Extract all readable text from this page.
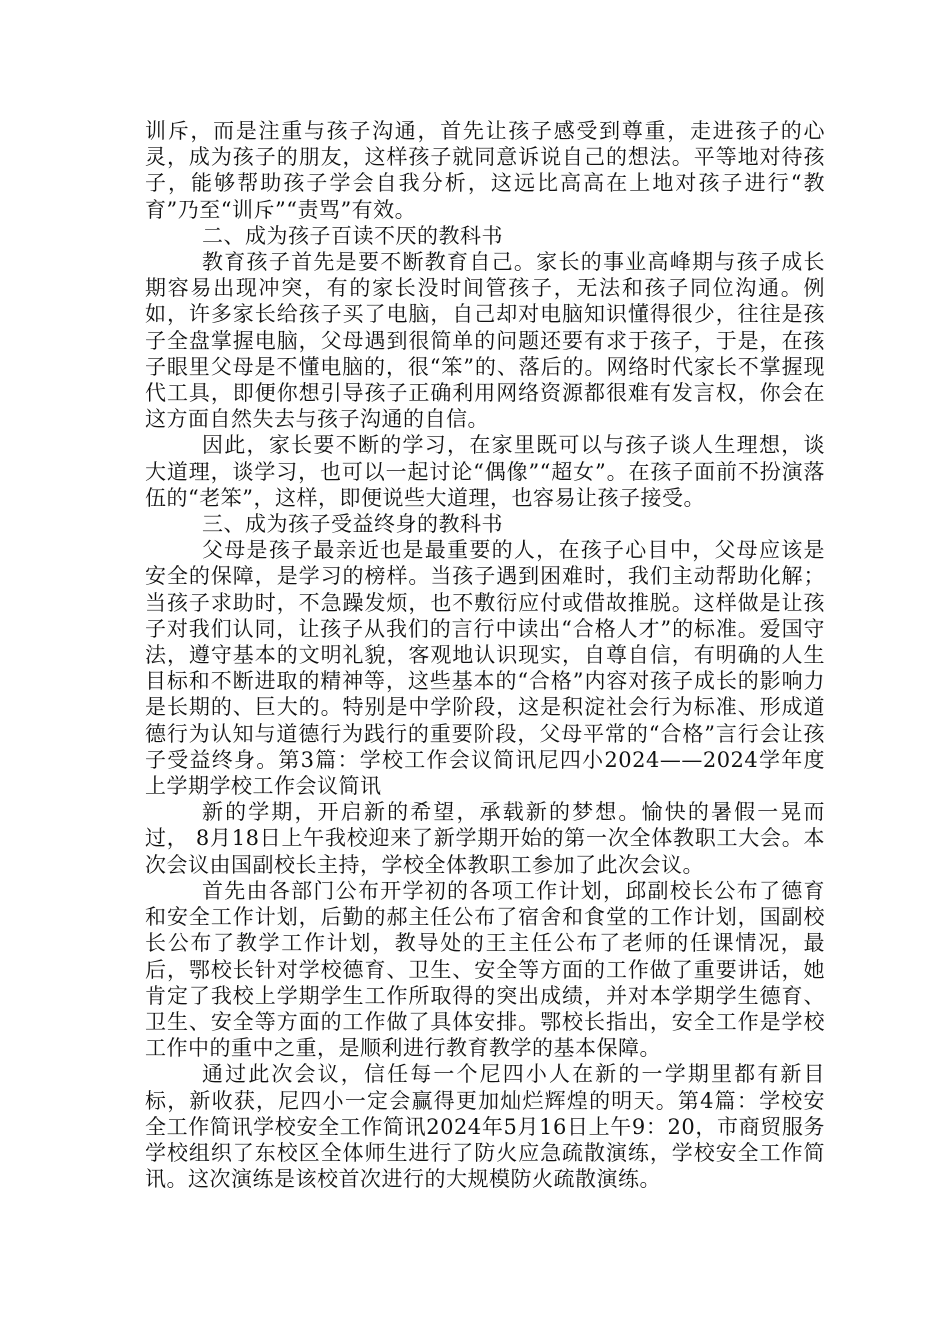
训斥，而是注重与孩子沟通，首先让孩子感受到尊重，走进孩子的心灵，成为孩子的朋友，这样孩子就同意诉说自己的想法。平等地对待孩子，能够帮助孩子学会自我分析，这远比高高在上地对孩子进行“教育”乃至“训斥”“责骂”有效。

二、成为孩子百读不厌的教科书

教育孩子首先是要不断教育自己。家长的事业高峰期与孩子成长期容易出现冲突，有的家长没时间管孩子，无法和孩子同位沟通。例如，许多家长给孩子买了电脑，自己却对电脑知识懂得很少，往往是孩子全盘掌握电脑，父母遇到很简单的问题还要有求于孩子，于是，在孩子眼里父母是不懂电脑的，很“笨”的、落后的。网络时代家长不掌握现代工具，即便你想引导孩子正确利用网络资源都很难有发言权，你会在这方面自然失去与孩子沟通的自信。

因此，家长要不断的学习，在家里既可以与孩子谈人生理想，谈大道理，谈学习，也可以一起讨论“偶像”“超女”。在孩子面前不扮演落伍的“老笨”，这样，即便说些大道理，也容易让孩子接受。

三、成为孩子受益终身的教科书

父母是孩子最亲近也是最重要的人，在孩子心目中，父母应该是安全的保障，是学习的榜样。当孩子遇到困难时，我们主动帮助化解；当孩子求助时，不急躁发烦，也不敷衍应付或借故推脱。这样做是让孩子对我们认同，让孩子从我们的言行中读出“合格人才”的标准。爱国守法，遵守基本的文明礼貌，客观地认识现实，自尊自信，有明确的人生目标和不断进取的精神等，这些基本的“合格”内容对孩子成长的影响力是长期的、巨大的。特别是中学阶段，这是积淀社会行为标准、形成道德行为认知与道德行为践行的重要阶段，父母平常的“合格”言行会让孩子受益终身。第3篇：学校工作会议简讯尼四小2024——2024学年度上学期学校工作会议简讯

新的学期，开启新的希望，承载新的梦想。愉快的暑假一晃而过， 8月18日上午我校迎来了新学期开始的第一次全体教职工大会。本次会议由国副校长主持，学校全体教职工参加了此次会议。

首先由各部门公布开学初的各项工作计划，邱副校长公布了德育和安全工作计划，后勤的郝主任公布了宿舍和食堂的工作计划，国副校长公布了教学工作计划，教导处的王主任公布了老师的任课情况，最后，鄂校长针对学校德育、卫生、安全等方面的工作做了重要讲话，她肯定了我校上学期学生工作所取得的突出成绩，并对本学期学生德育、卫生、安全等方面的工作做了具体安排。鄂校长指出，安全工作是学校工作中的重中之重，是顺利进行教育教学的基本保障。

通过此次会议，信任每一个尼四小人在新的一学期里都有新目标，新收获，尼四小一定会赢得更加灿烂辉煌的明天。第4篇：学校安全工作简讯学校安全工作简讯2024年5月16日上午9：20，市商贸服务学校组织了东校区全体师生进行了防火应急疏散演练，学校安全工作简讯。这次演练是该校首次进行的大规模防火疏散演练。
